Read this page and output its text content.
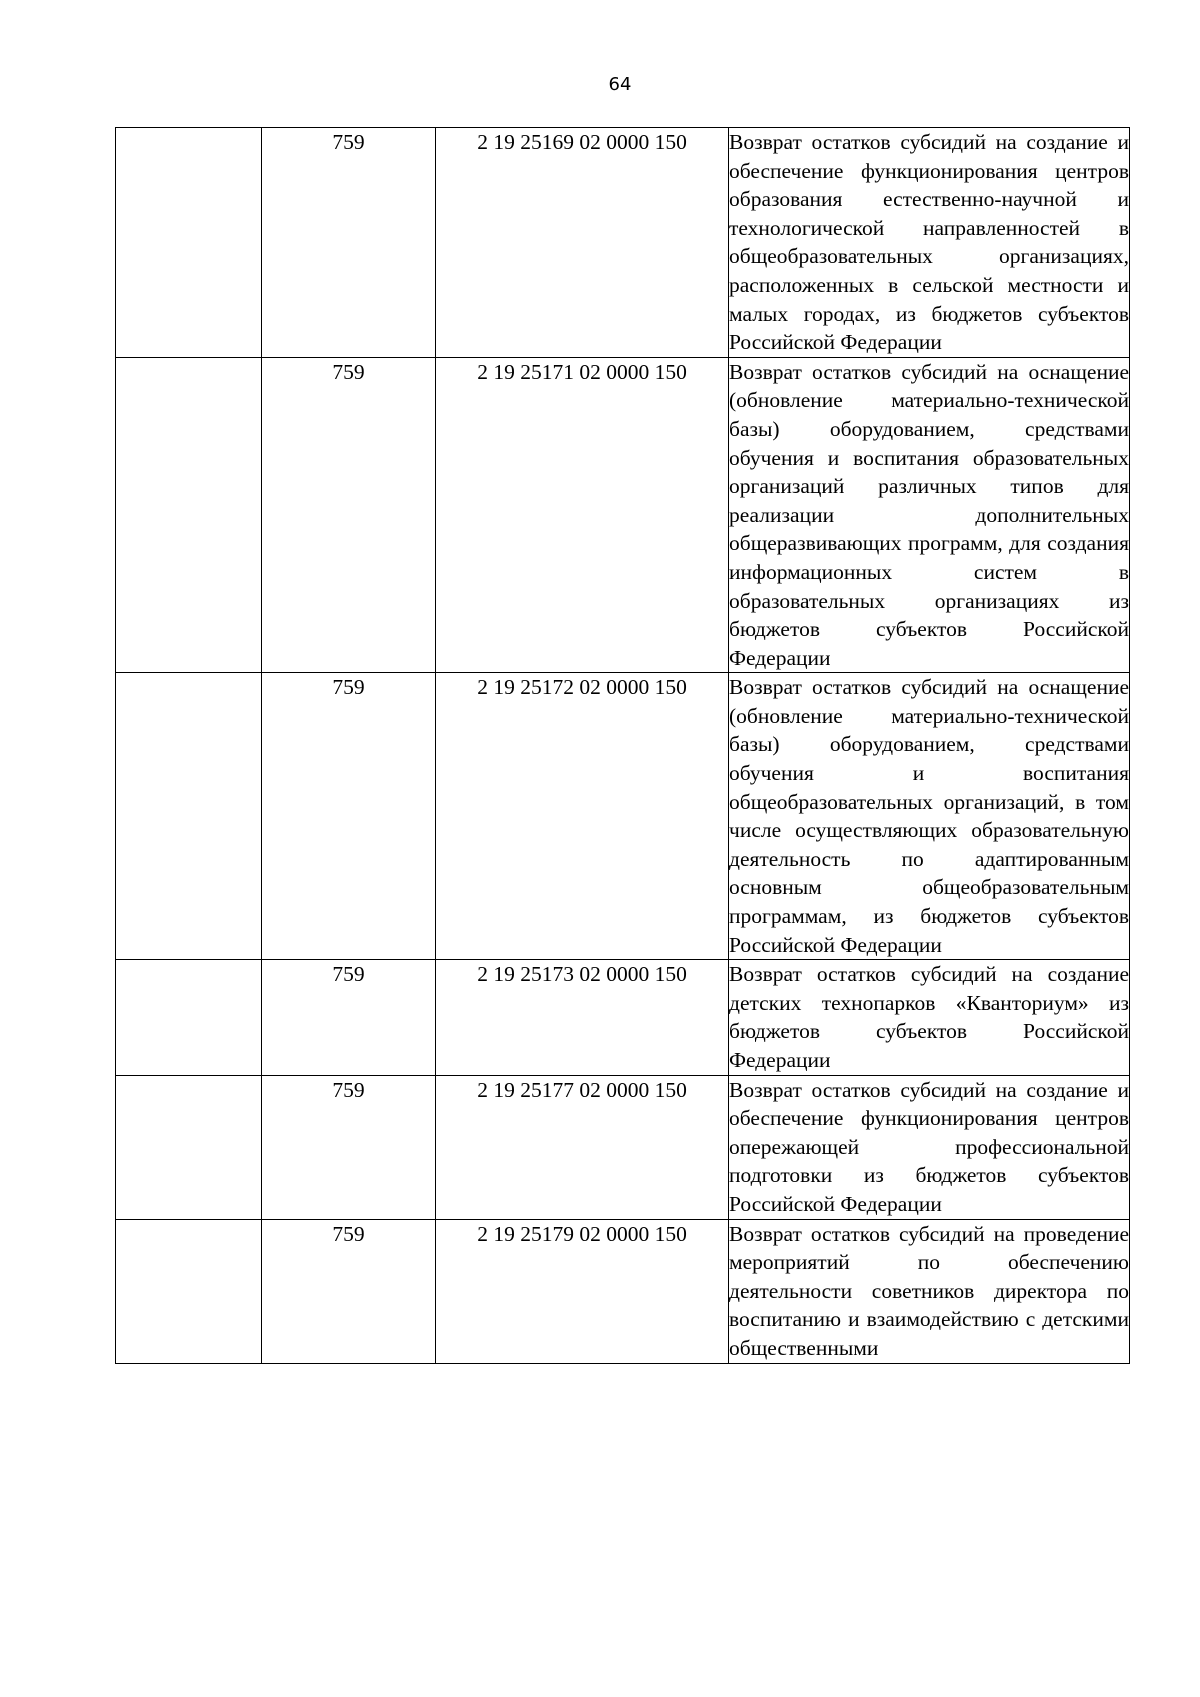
64
	759	2 19 25169 02 0000 150	Возврат остатков субсидий на создание и обеспечение функционирования центров образования естественно-научной и технологической направленностей в общеобразовательных организациях, расположенных в сельской местности и малых городах, из бюджетов субъектов Российской Федерации
	759	2 19 25171 02 0000 150	Возврат остатков субсидий на оснащение (обновление материально-технической базы) оборудованием, средствами обучения и воспитания образовательных организаций различных типов для реализации дополнительных общеразвивающих программ, для создания информационных систем в образовательных организациях из бюджетов субъектов Российской Федерации
	759	2 19 25172 02 0000 150	Возврат остатков субсидий на оснащение (обновление материально-технической базы) оборудованием, средствами обучения и воспитания общеобразовательных организаций, в том числе осуществляющих образовательную деятельность по адаптированным основным общеобразовательным программам, из бюджетов субъектов Российской Федерации
	759	2 19 25173 02 0000 150	Возврат остатков субсидий на создание детских технопарков «Кванториум» из бюджетов субъектов Российской Федерации
	759	2 19 25177 02 0000 150	Возврат остатков субсидий на создание и обеспечение функционирования центров опережающей профессиональной подготовки из бюджетов субъектов Российской Федерации
	759	2 19 25179 02 0000 150	Возврат остатков субсидий на проведение мероприятий по обеспечению деятельности советников директора по воспитанию и взаимодействию с детскими общественными
